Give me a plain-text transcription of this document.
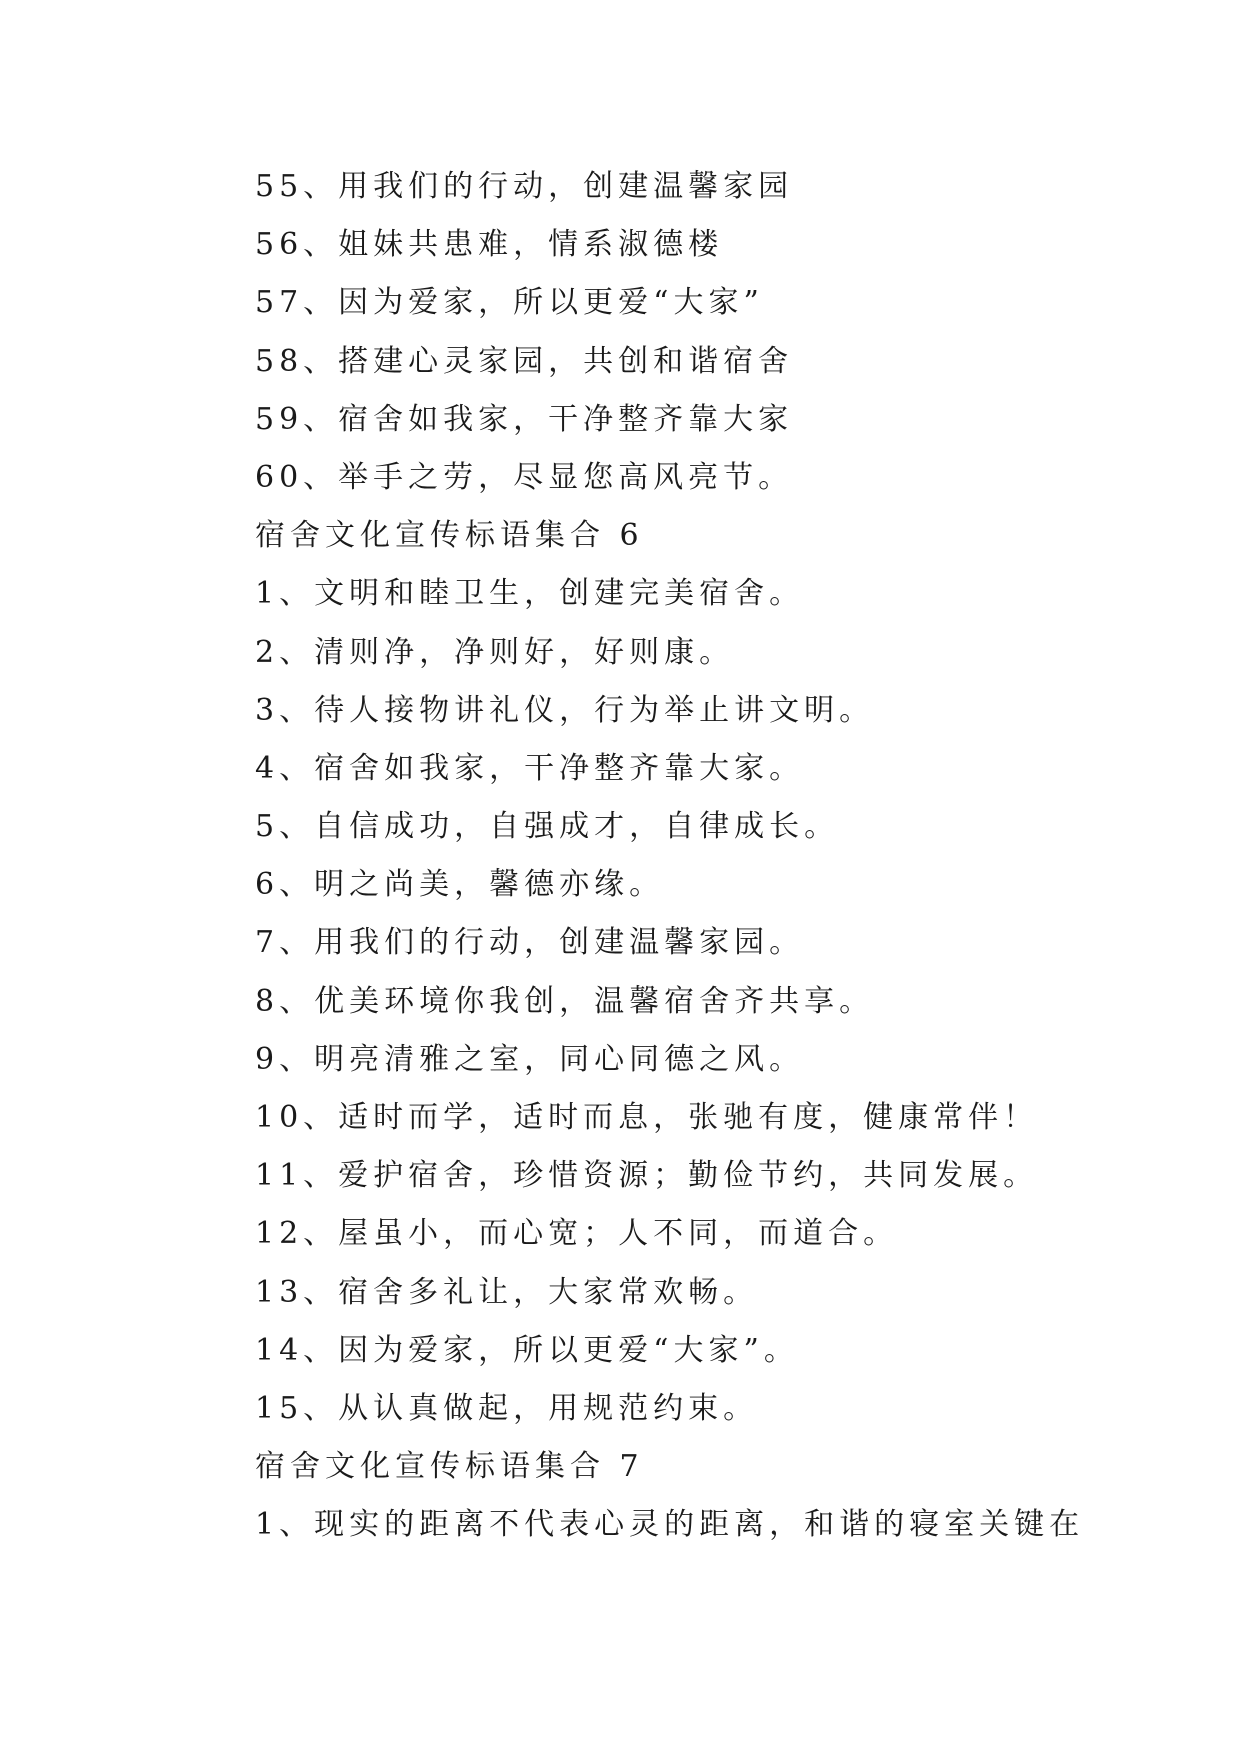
55、用我们的行动，创建温馨家园
56、姐妹共患难，情系淑德楼
57、因为爱家，所以更爱“大家”
58、搭建心灵家园，共创和谐宿舍
59、宿舍如我家，干净整齐靠大家
60、举手之劳，尽显您高风亮节。
宿舍文化宣传标语集合 6
1、文明和睦卫生，创建完美宿舍。
2、清则净，净则好，好则康。
3、待人接物讲礼仪，行为举止讲文明。
4、宿舍如我家，干净整齐靠大家。
5、自信成功，自强成才，自律成长。
6、明之尚美，馨德亦缘。
7、用我们的行动，创建温馨家园。
8、优美环境你我创，温馨宿舍齐共享。
9、明亮清雅之室，同心同德之风。
10、适时而学，适时而息，张驰有度，健康常伴！
11、爱护宿舍，珍惜资源；勤俭节约，共同发展。
12、屋虽小，而心宽；人不同，而道合。
13、宿舍多礼让，大家常欢畅。
14、因为爱家，所以更爱“大家”。
15、从认真做起，用规范约束。
宿舍文化宣传标语集合 7
1、现实的距离不代表心灵的距离，和谐的寝室关键在
